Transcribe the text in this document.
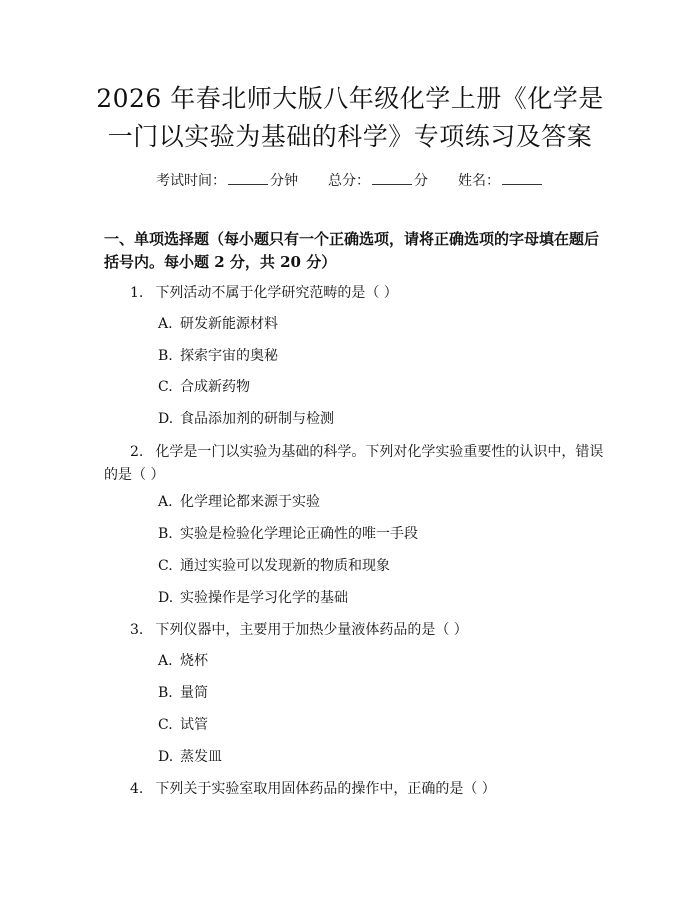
2026 年春北师大版八年级化学上册《化学是
一门以实验为基础的科学》专项练习及答案
考试时间：	分钟 总分：	分 姓名：

一、单项选择题（每小题只有一个正确选项，请将正确选项的字母填在题后括号内。每小题 2 分，共 20 分）

1. 下列活动不属于化学研究范畴的是（ ）

A. 研发新能源材料
B. 探索宇宙的奥秘
C. 合成新药物
D. 食品添加剂的研制与检测

2. 化学是一门以实验为基础的科学。下列对化学实验重要性的认识中，错误的是（ ）

A. 化学理论都来源于实验
B. 实验是检验化学理论正确性的唯一手段
C. 通过实验可以发现新的物质和现象
D. 实验操作是学习化学的基础

3. 下列仪器中，主要用于加热少量液体药品的是（ ）

A. 烧杯
B. 量筒
C. 试管
D. 蒸发皿

4. 下列关于实验室取用固体药品的操作中，正确的是（ ）
